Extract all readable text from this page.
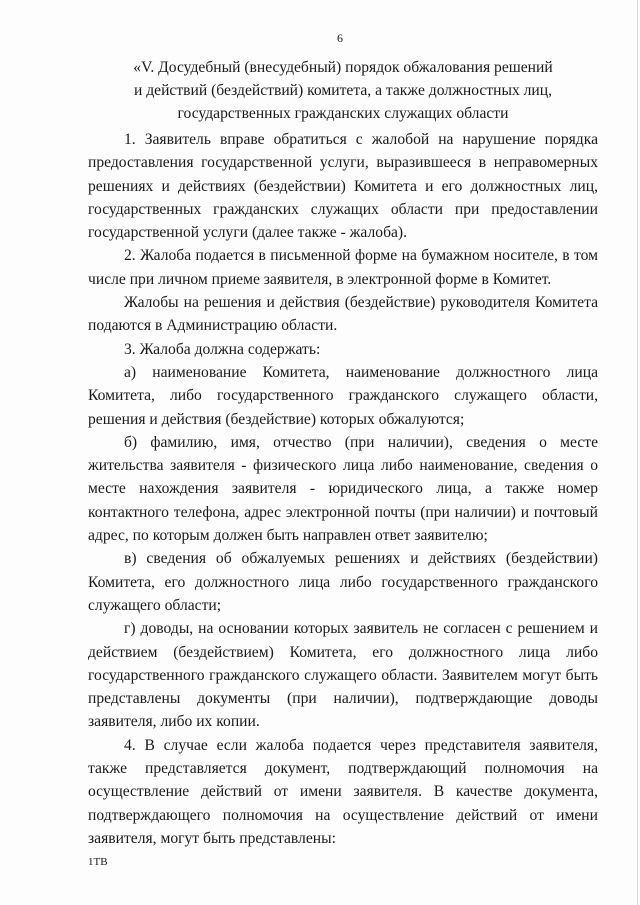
6
«V. Досудебный (внесудебный) порядок обжалования решений
и действий (бездействий) комитета, а также должностных лиц,
государственных гражданских служащих области

1. Заявитель вправе обратиться с жалобой на нарушение порядка предоставления государственной услуги, выразившееся в неправомерных решениях и действиях (бездействии) Комитета и его должностных лиц, государственных гражданских служащих области при предоставлении государственной услуги (далее также - жалоба).

2. Жалоба подается в письменной форме на бумажном носителе, в том числе при личном приеме заявителя, в электронной форме в Комитет.

Жалобы на решения и действия (бездействие) руководителя Комитета подаются в Администрацию области.

3. Жалоба должна содержать:

а) наименование Комитета, наименование должностного лица Комитета, либо государственного гражданского служащего области, решения и действия (бездействие) которых обжалуются;

б) фамилию, имя, отчество (при наличии), сведения о месте жительства заявителя - физического лица либо наименование, сведения о месте нахождения заявителя - юридического лица, а также номер контактного телефона, адрес электронной почты (при наличии) и почтовый адрес, по которым должен быть направлен ответ заявителю;

в) сведения об обжалуемых решениях и действиях (бездействии) Комитета, его должностного лица либо государственного гражданского служащего области;

г) доводы, на основании которых заявитель не согласен с решением и действием (бездействием) Комитета, его должностного лица либо государственного гражданского служащего области. Заявителем могут быть представлены документы (при наличии), подтверждающие доводы заявителя, либо их копии.

4. В случае если жалоба подается через представителя заявителя, также представляется документ, подтверждающий полномочия на осуществление действий от имени заявителя. В качестве документа, подтверждающего полномочия на осуществление действий от имени заявителя, могут быть представлены:

1ТВ
